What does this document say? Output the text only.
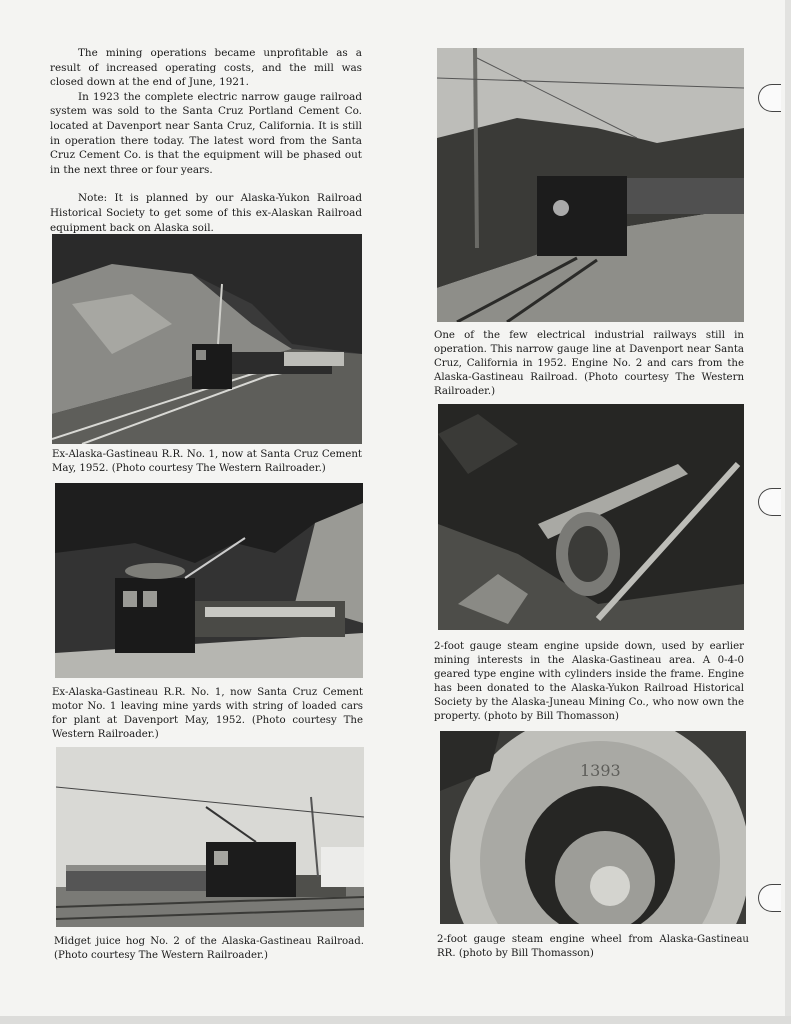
The mining operations became unprofitable as a result of increased operating costs, and the mill was closed down at the end of June, 1921.

In 1923 the complete electric narrow gauge railroad system was sold to the Santa Cruz Portland Cement Co. located at Davenport near Santa Cruz, California. It is still in operation there today. The latest word from the Santa Cruz Cement Co. is that the equipment will be phased out in the next three or four years.

Note: It is planned by our Alaska-Yukon Railroad Historical Society to get some of this ex-Alaskan Railroad equipment back on Alaska soil.

Ex-Alaska-Gastineau R.R. No. 1, now at Santa Cruz Cement May, 1952. (Photo courtesy The Western Railroader.)
Ex-Alaska-Gastineau R.R. No. 1, now Santa Cruz Cement motor No. 1 leaving mine yards with string of loaded cars for plant at Davenport May, 1952. (Photo courtesy The Western Railroader.)
Midget juice hog No. 2 of the Alaska-Gastineau Railroad. (Photo courtesy The Western Railroader.)
One of the few electrical industrial railways still in operation. This narrow gauge line at Davenport near Santa Cruz, California in 1952. Engine No. 2 and cars from the Alaska-Gastineau Railroad. (Photo courtesy The Western Railroader.)
2-foot gauge steam engine upside down, used by earlier mining interests in the Alaska-Gastineau area. A 0-4-0 geared type engine with cylinders inside the frame. Engine has been donated to the Alaska-Yukon Railroad Historical Society by the Alaska-Juneau Mining Co., who now own the property. (photo by Bill Thomasson)
1393
2-foot gauge steam engine wheel from Alaska-Gastineau RR. (photo by Bill Thomasson)
